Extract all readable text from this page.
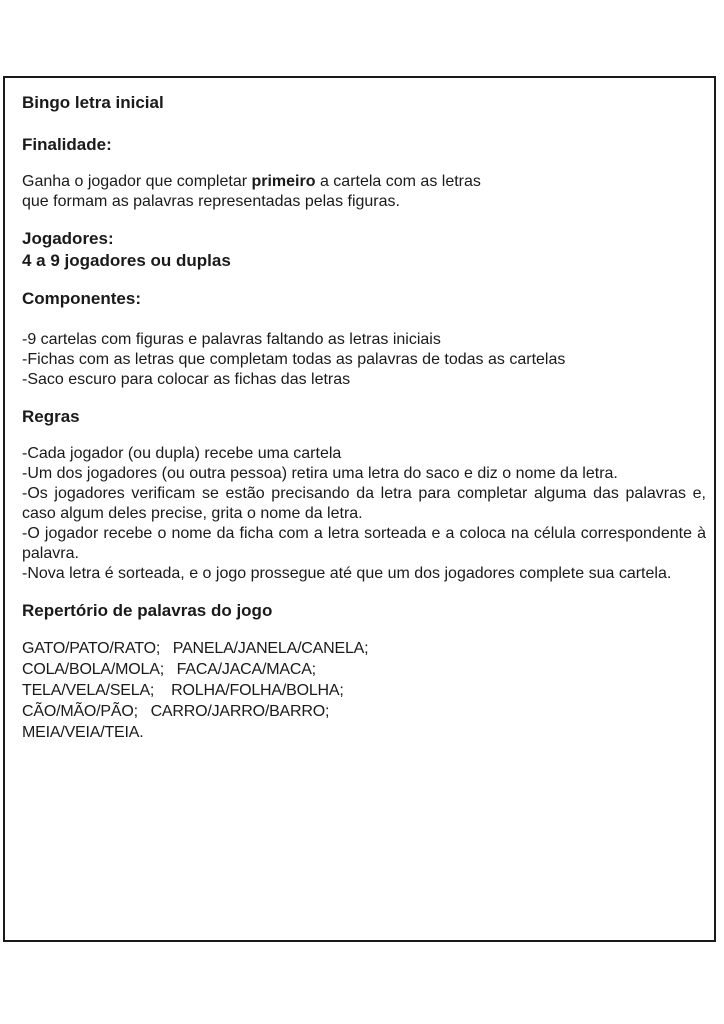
Bingo letra inicial

Finalidade:

Ganha o jogador que completar primeiro a cartela com as letras
que formam as palavras representadas pelas figuras.

Jogadores:

4 a 9 jogadores ou duplas

Componentes:

-9 cartelas com figuras e palavras faltando as letras iniciais

-Fichas com as letras que completam todas as palavras de todas as cartelas

-Saco escuro para colocar as fichas das letras

Regras

-Cada jogador (ou dupla) recebe uma cartela

-Um dos jogadores (ou outra pessoa) retira uma letra do saco e diz o nome da letra.

-Os jogadores verificam se estão precisando da letra para completar alguma das palavras e, caso algum deles precise, grita o nome da letra.

-O jogador recebe o nome da ficha com a letra sorteada e a coloca na célula correspondente à palavra.

-Nova letra é sorteada, e o jogo prossegue até que um dos jogadores complete sua cartela.

Repertório de palavras do jogo

GATO/PATO/RATO;   PANELA/JANELA/CANELA;

COLA/BOLA/MOLA;   FACA/JACA/MACA;

TELA/VELA/SELA;    ROLHA/FOLHA/BOLHA;

CÃO/MÃO/PÃO;   CARRO/JARRO/BARRO;

MEIA/VEIA/TEIA.
